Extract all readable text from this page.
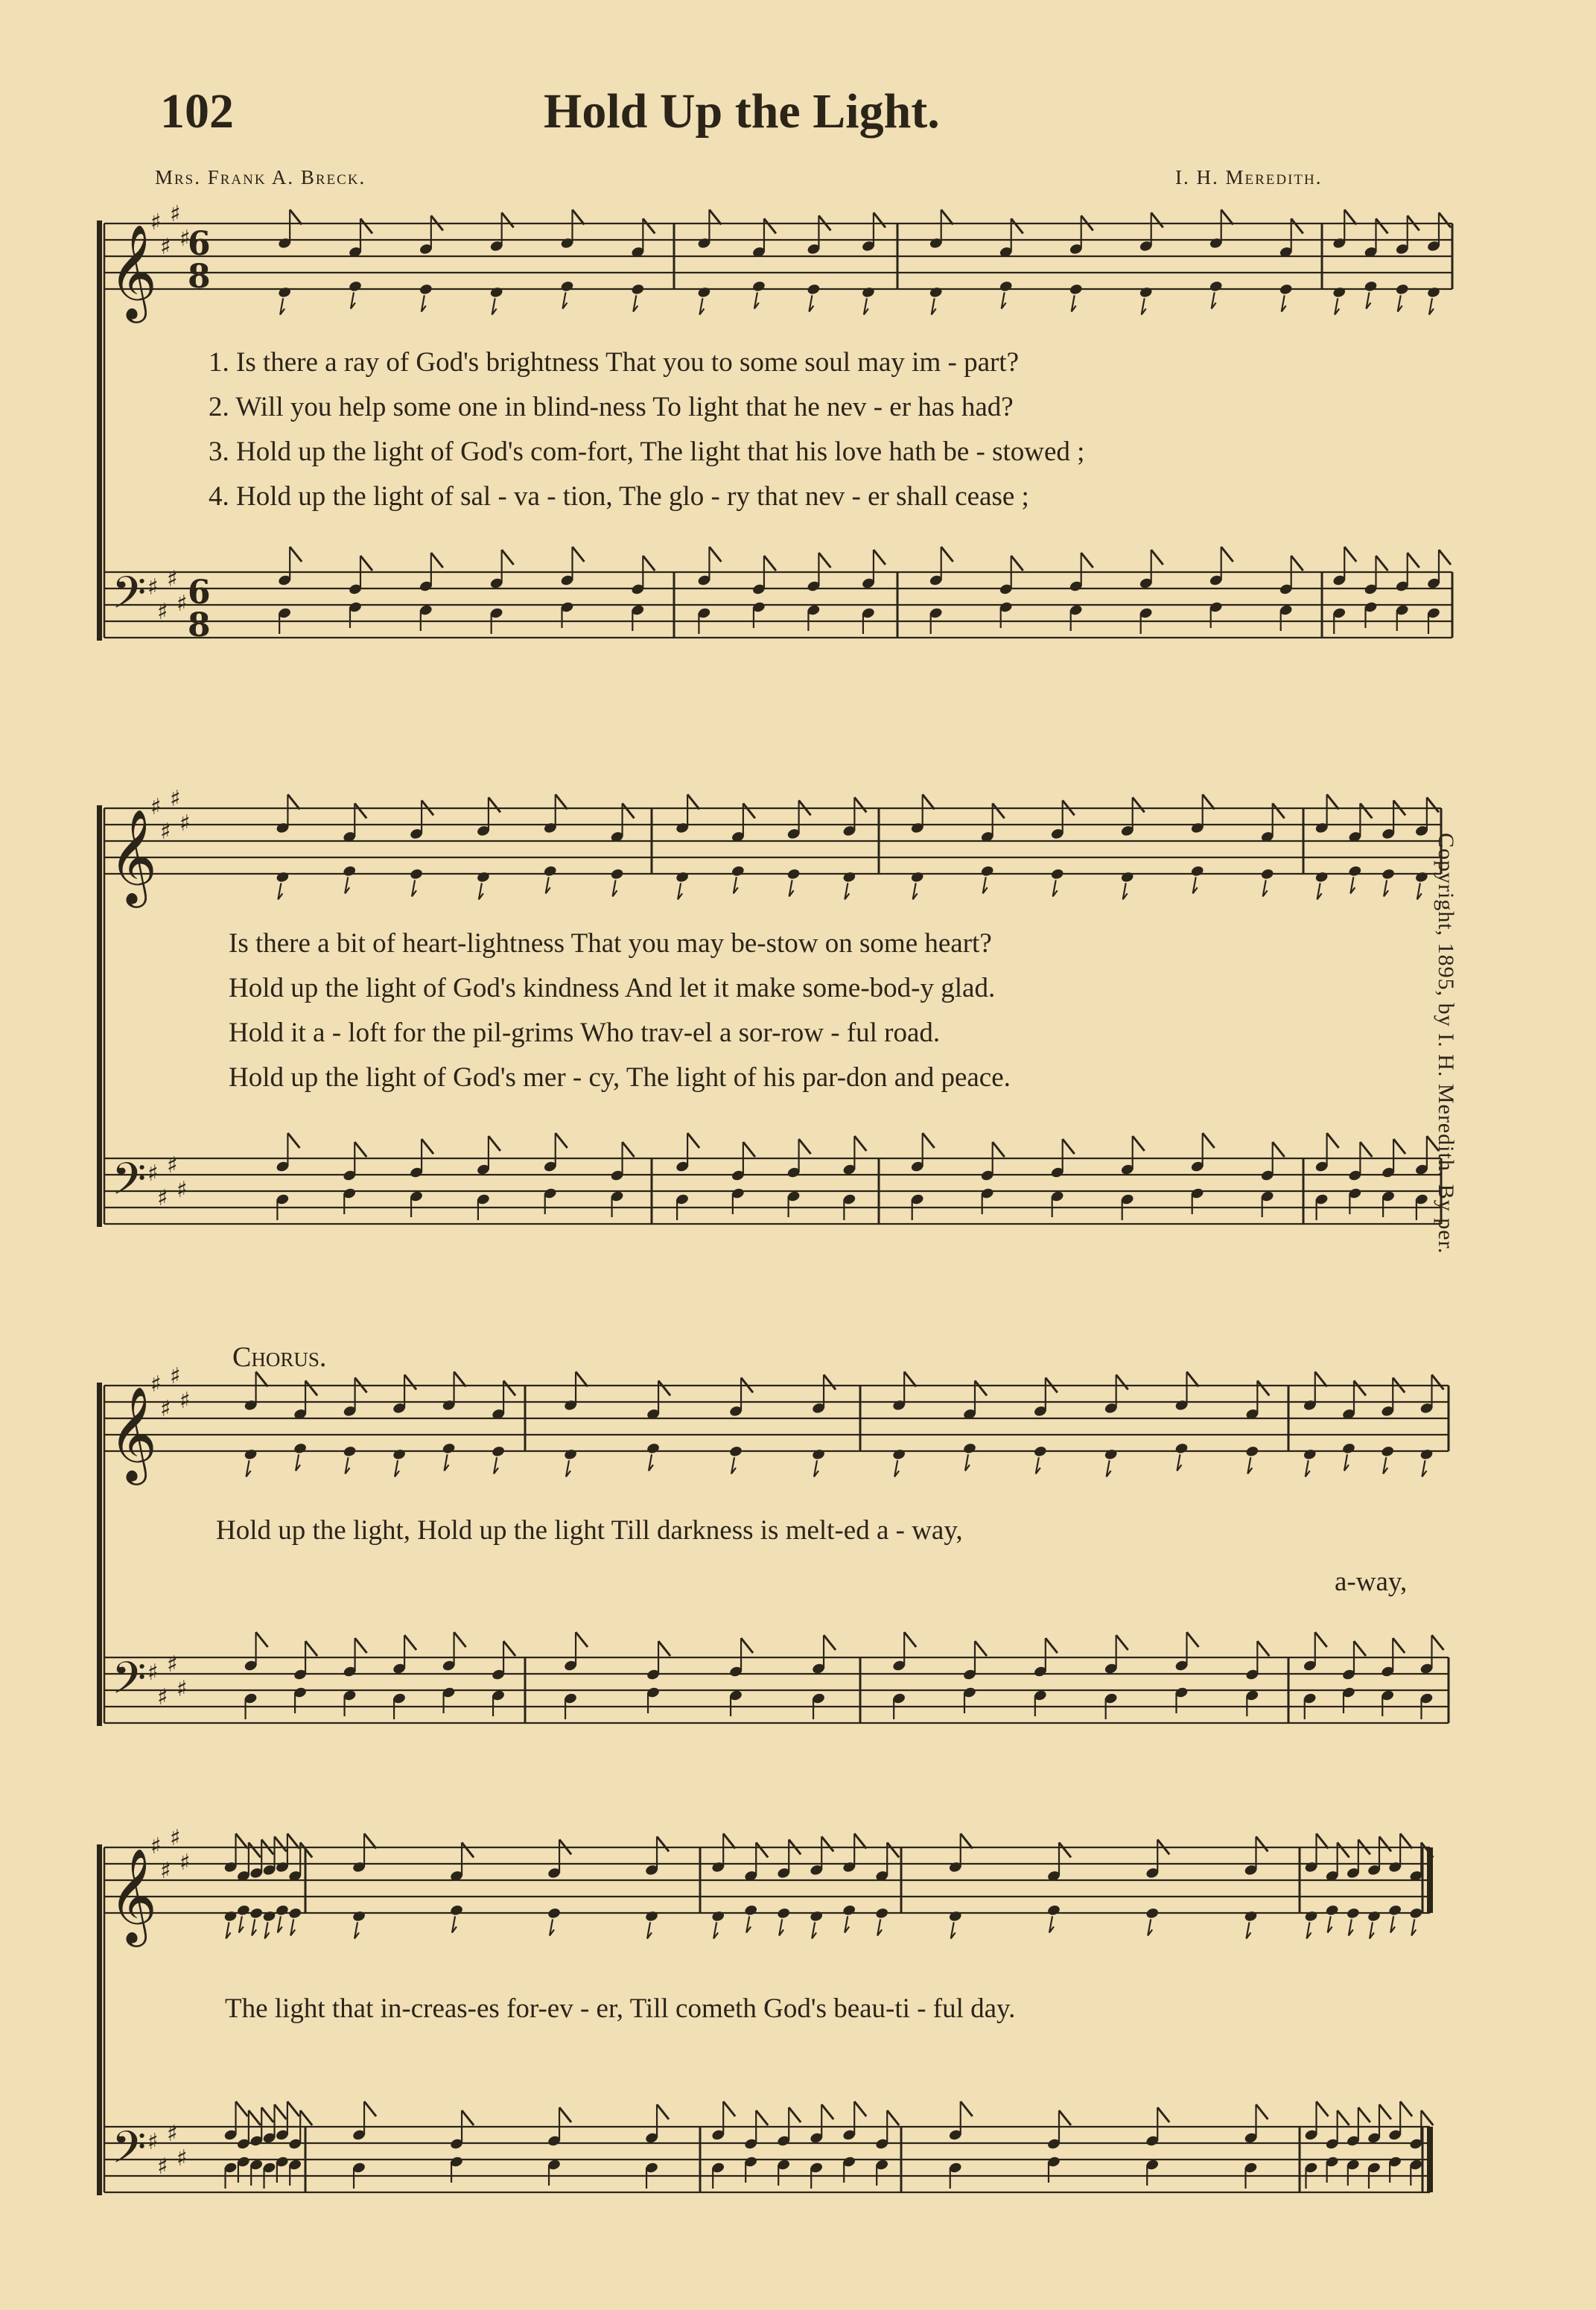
𝄞
𝄢
♯
♯
♯
♯
♯
♯
♯
♯
6
8
6
8
𝄞
𝄢
♯
♯
♯
♯
♯
♯
♯
♯
𝄞
𝄢
♯
♯
♯
♯
♯
♯
♯
♯
𝄞
𝄢
♯
♯
♯
♯
♯
♯
♯
♯
102	Hold Up the Light.
Mrs. Frank A. Breck.	I. H. Meredith.
1. Is there a ray of God's brightness That you to some soul may im - part?
2. Will you help some one in blind-ness To light that he nev - er has had?
3. Hold up the light of God's com-fort, The light that his love hath be - stowed ;
4. Hold up the light of sal - va - tion, The glo - ry that nev - er shall cease ;
Is there a bit of heart-lightness That you may be-stow on some heart?
Hold up the light of God's kindness And let it make some-bod-y glad.
Hold it a - loft for the pil-grims Who trav-el a sor-row - ful road.
Hold up the light of God's mer - cy, The light of his par-don and peace.
Chorus.
Hold up the light, Hold up the light Till darkness is melt-ed a - way,
a-way,
The light that in-creas-es for-ev - er, Till cometh God's beau-ti - ful day.
Copyright, 1895, by I. H. Meredith. By per.
